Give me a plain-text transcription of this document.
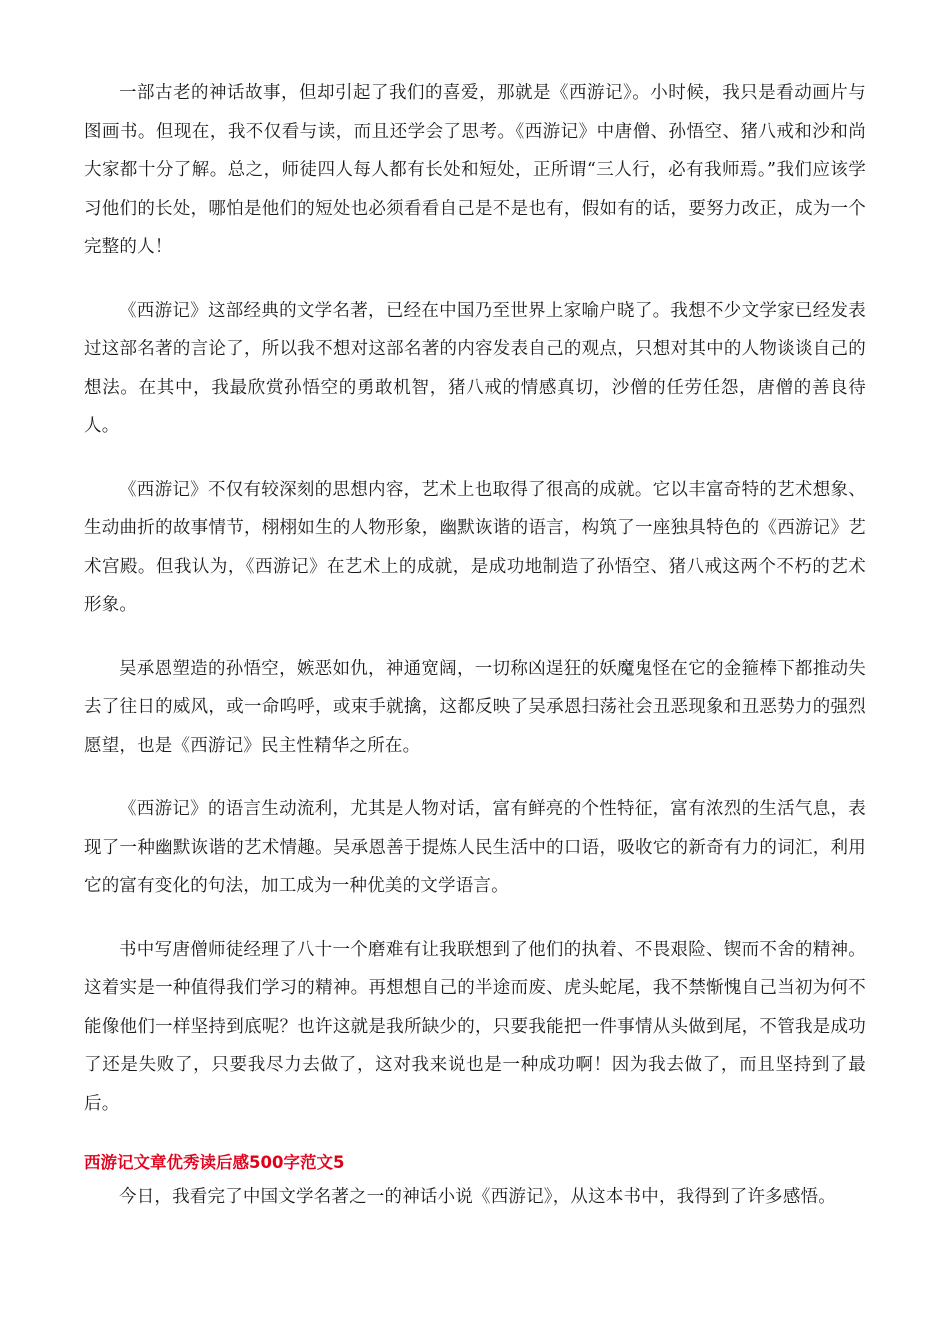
一部古老的神话故事，但却引起了我们的喜爱，那就是《西游记》。小时候，我只是看动画片与图画书。但现在，我不仅看与读，而且还学会了思考。《西游记》中唐僧、孙悟空、猪八戒和沙和尚大家都十分了解。总之，师徒四人每人都有长处和短处，正所谓“三人行，必有我师焉。”我们应该学习他们的长处，哪怕是他们的短处也必须看看自己是不是也有，假如有的话，要努力改正，成为一个完整的人！

《西游记》这部经典的文学名著，已经在中国乃至世界上家喻户晓了。我想不少文学家已经发表过这部名著的言论了，所以我不想对这部名著的内容发表自己的观点，只想对其中的人物谈谈自己的想法。在其中，我最欣赏孙悟空的勇敢机智，猪八戒的情感真切，沙僧的任劳任怨，唐僧的善良待人。

《西游记》不仅有较深刻的思想内容，艺术上也取得了很高的成就。它以丰富奇特的艺术想象、生动曲折的故事情节，栩栩如生的人物形象，幽默诙谐的语言，构筑了一座独具特色的《西游记》艺术宫殿。但我认为，《西游记》在艺术上的成就，是成功地制造了孙悟空、猪八戒这两个不朽的艺术形象。

吴承恩塑造的孙悟空，嫉恶如仇，神通宽阔，一切称凶逞狂的妖魔鬼怪在它的金箍棒下都推动失去了往日的威风，或一命呜呼，或束手就擒，这都反映了吴承恩扫荡社会丑恶现象和丑恶势力的强烈愿望，也是《西游记》民主性精华之所在。

《西游记》的语言生动流利，尤其是人物对话，富有鲜亮的个性特征，富有浓烈的生活气息，表现了一种幽默诙谐的艺术情趣。吴承恩善于提炼人民生活中的口语，吸收它的新奇有力的词汇，利用它的富有变化的句法，加工成为一种优美的文学语言。

书中写唐僧师徒经理了八十一个磨难有让我联想到了他们的执着、不畏艰险、锲而不舍的精神。这着实是一种值得我们学习的精神。再想想自己的半途而废、虎头蛇尾，我不禁惭愧自己当初为何不能像他们一样坚持到底呢？也许这就是我所缺少的，只要我能把一件事情从头做到尾，不管我是成功了还是失败了，只要我尽力去做了，这对我来说也是一种成功啊！因为我去做了，而且坚持到了最后。

西游记文章优秀读后感500字范文5

今日，我看完了中国文学名著之一的神话小说《西游记》，从这本书中，我得到了许多感悟。
